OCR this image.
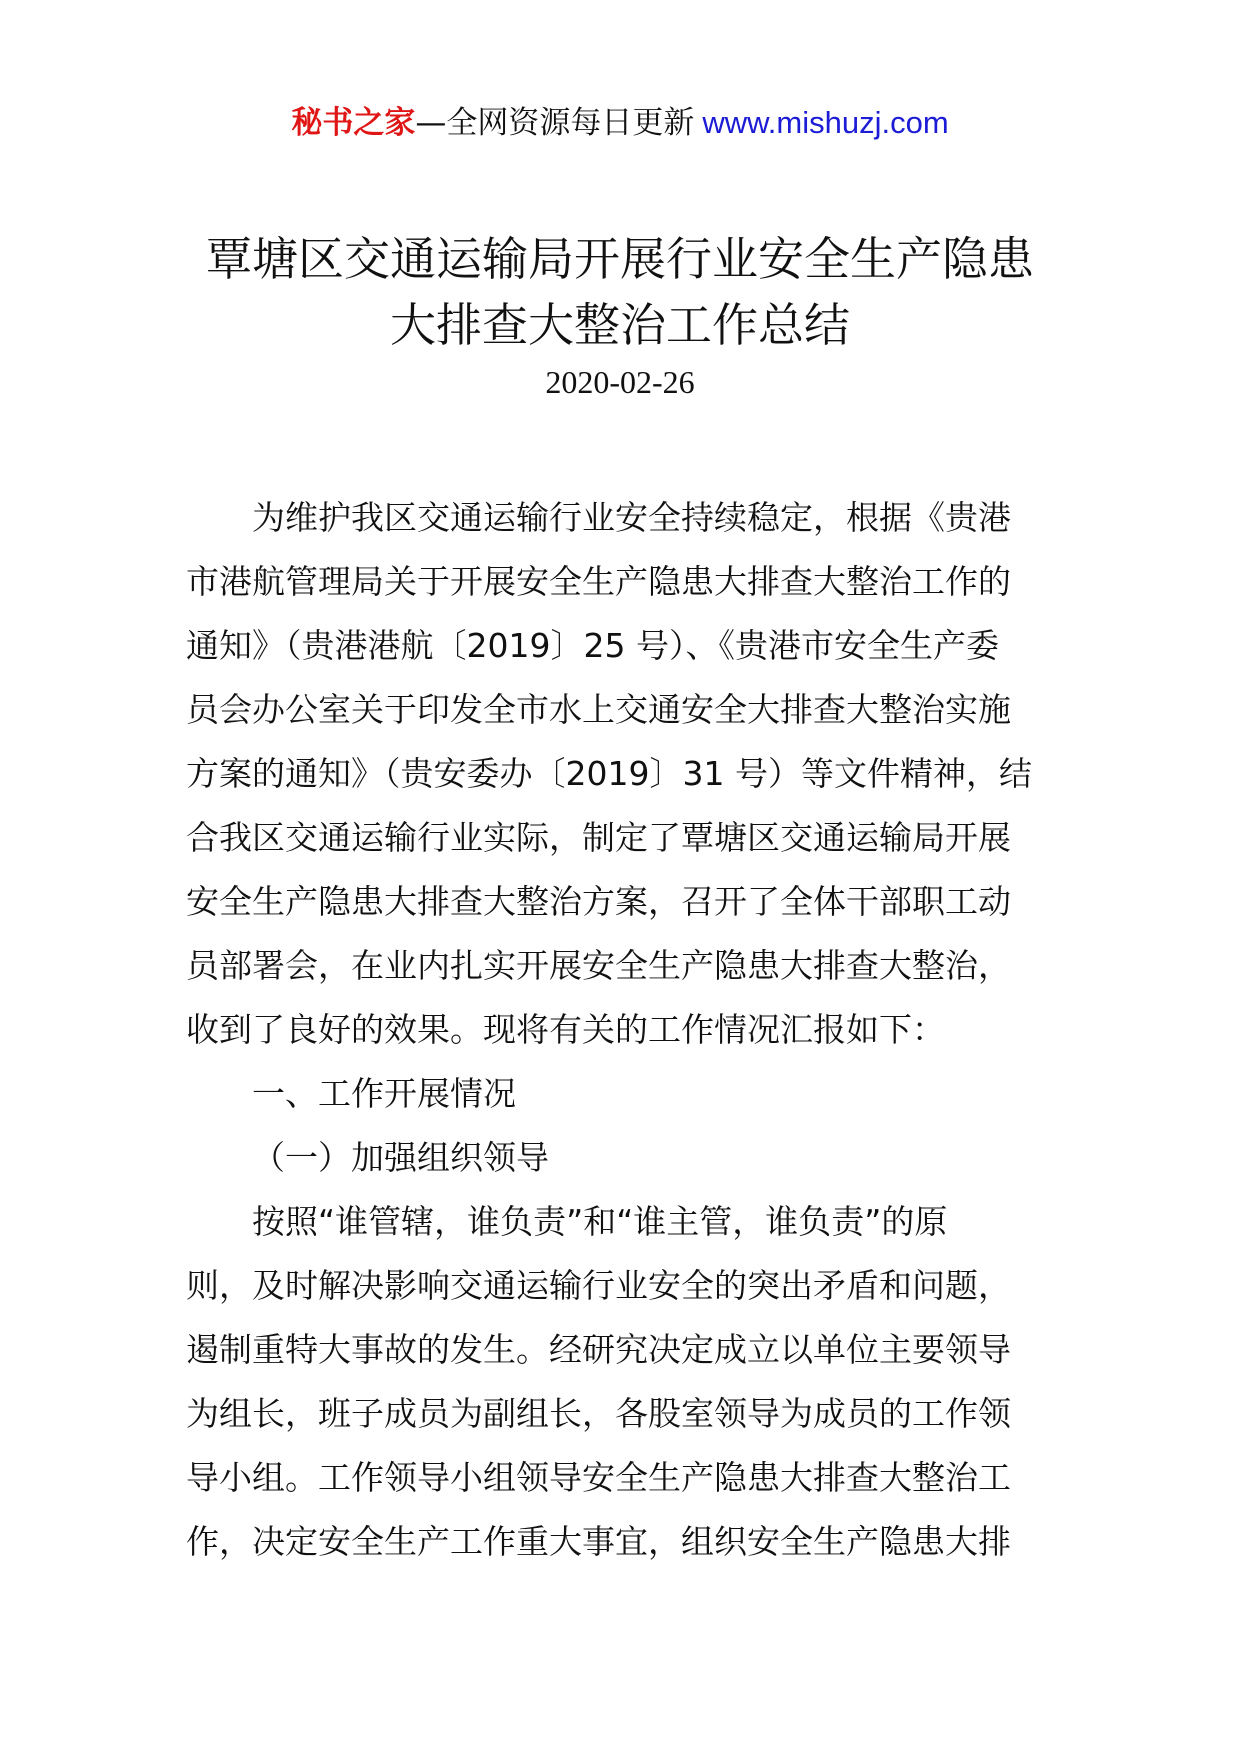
秘书之家—全网资源每日更新 www.mishuzj.com
覃塘区交通运输局开展行业安全生产隐患
大排查大整治工作总结
2020-02-26
为维护我区交通运输行业安全持续稳定，根据《贵港
市港航管理局关于开展安全生产隐患大排查大整治工作的
通知》（贵港港航〔2019〕25 号）、《贵港市安全生产委
员会办公室关于印发全市水上交通安全大排查大整治实施
方案的通知》（贵安委办〔2019〕31 号）等文件精神，结
合我区交通运输行业实际，制定了覃塘区交通运输局开展
安全生产隐患大排查大整治方案，召开了全体干部职工动
员部署会，在业内扎实开展安全生产隐患大排查大整治，
收到了良好的效果。现将有关的工作情况汇报如下：
一、工作开展情况
（一）加强组织领导
按照“谁管辖，谁负责”和“谁主管，谁负责”的原
则，及时解决影响交通运输行业安全的突出矛盾和问题，
遏制重特大事故的发生。经研究决定成立以单位主要领导
为组长，班子成员为副组长，各股室领导为成员的工作领
导小组。工作领导小组领导安全生产隐患大排查大整治工
作，决定安全生产工作重大事宜，组织安全生产隐患大排
